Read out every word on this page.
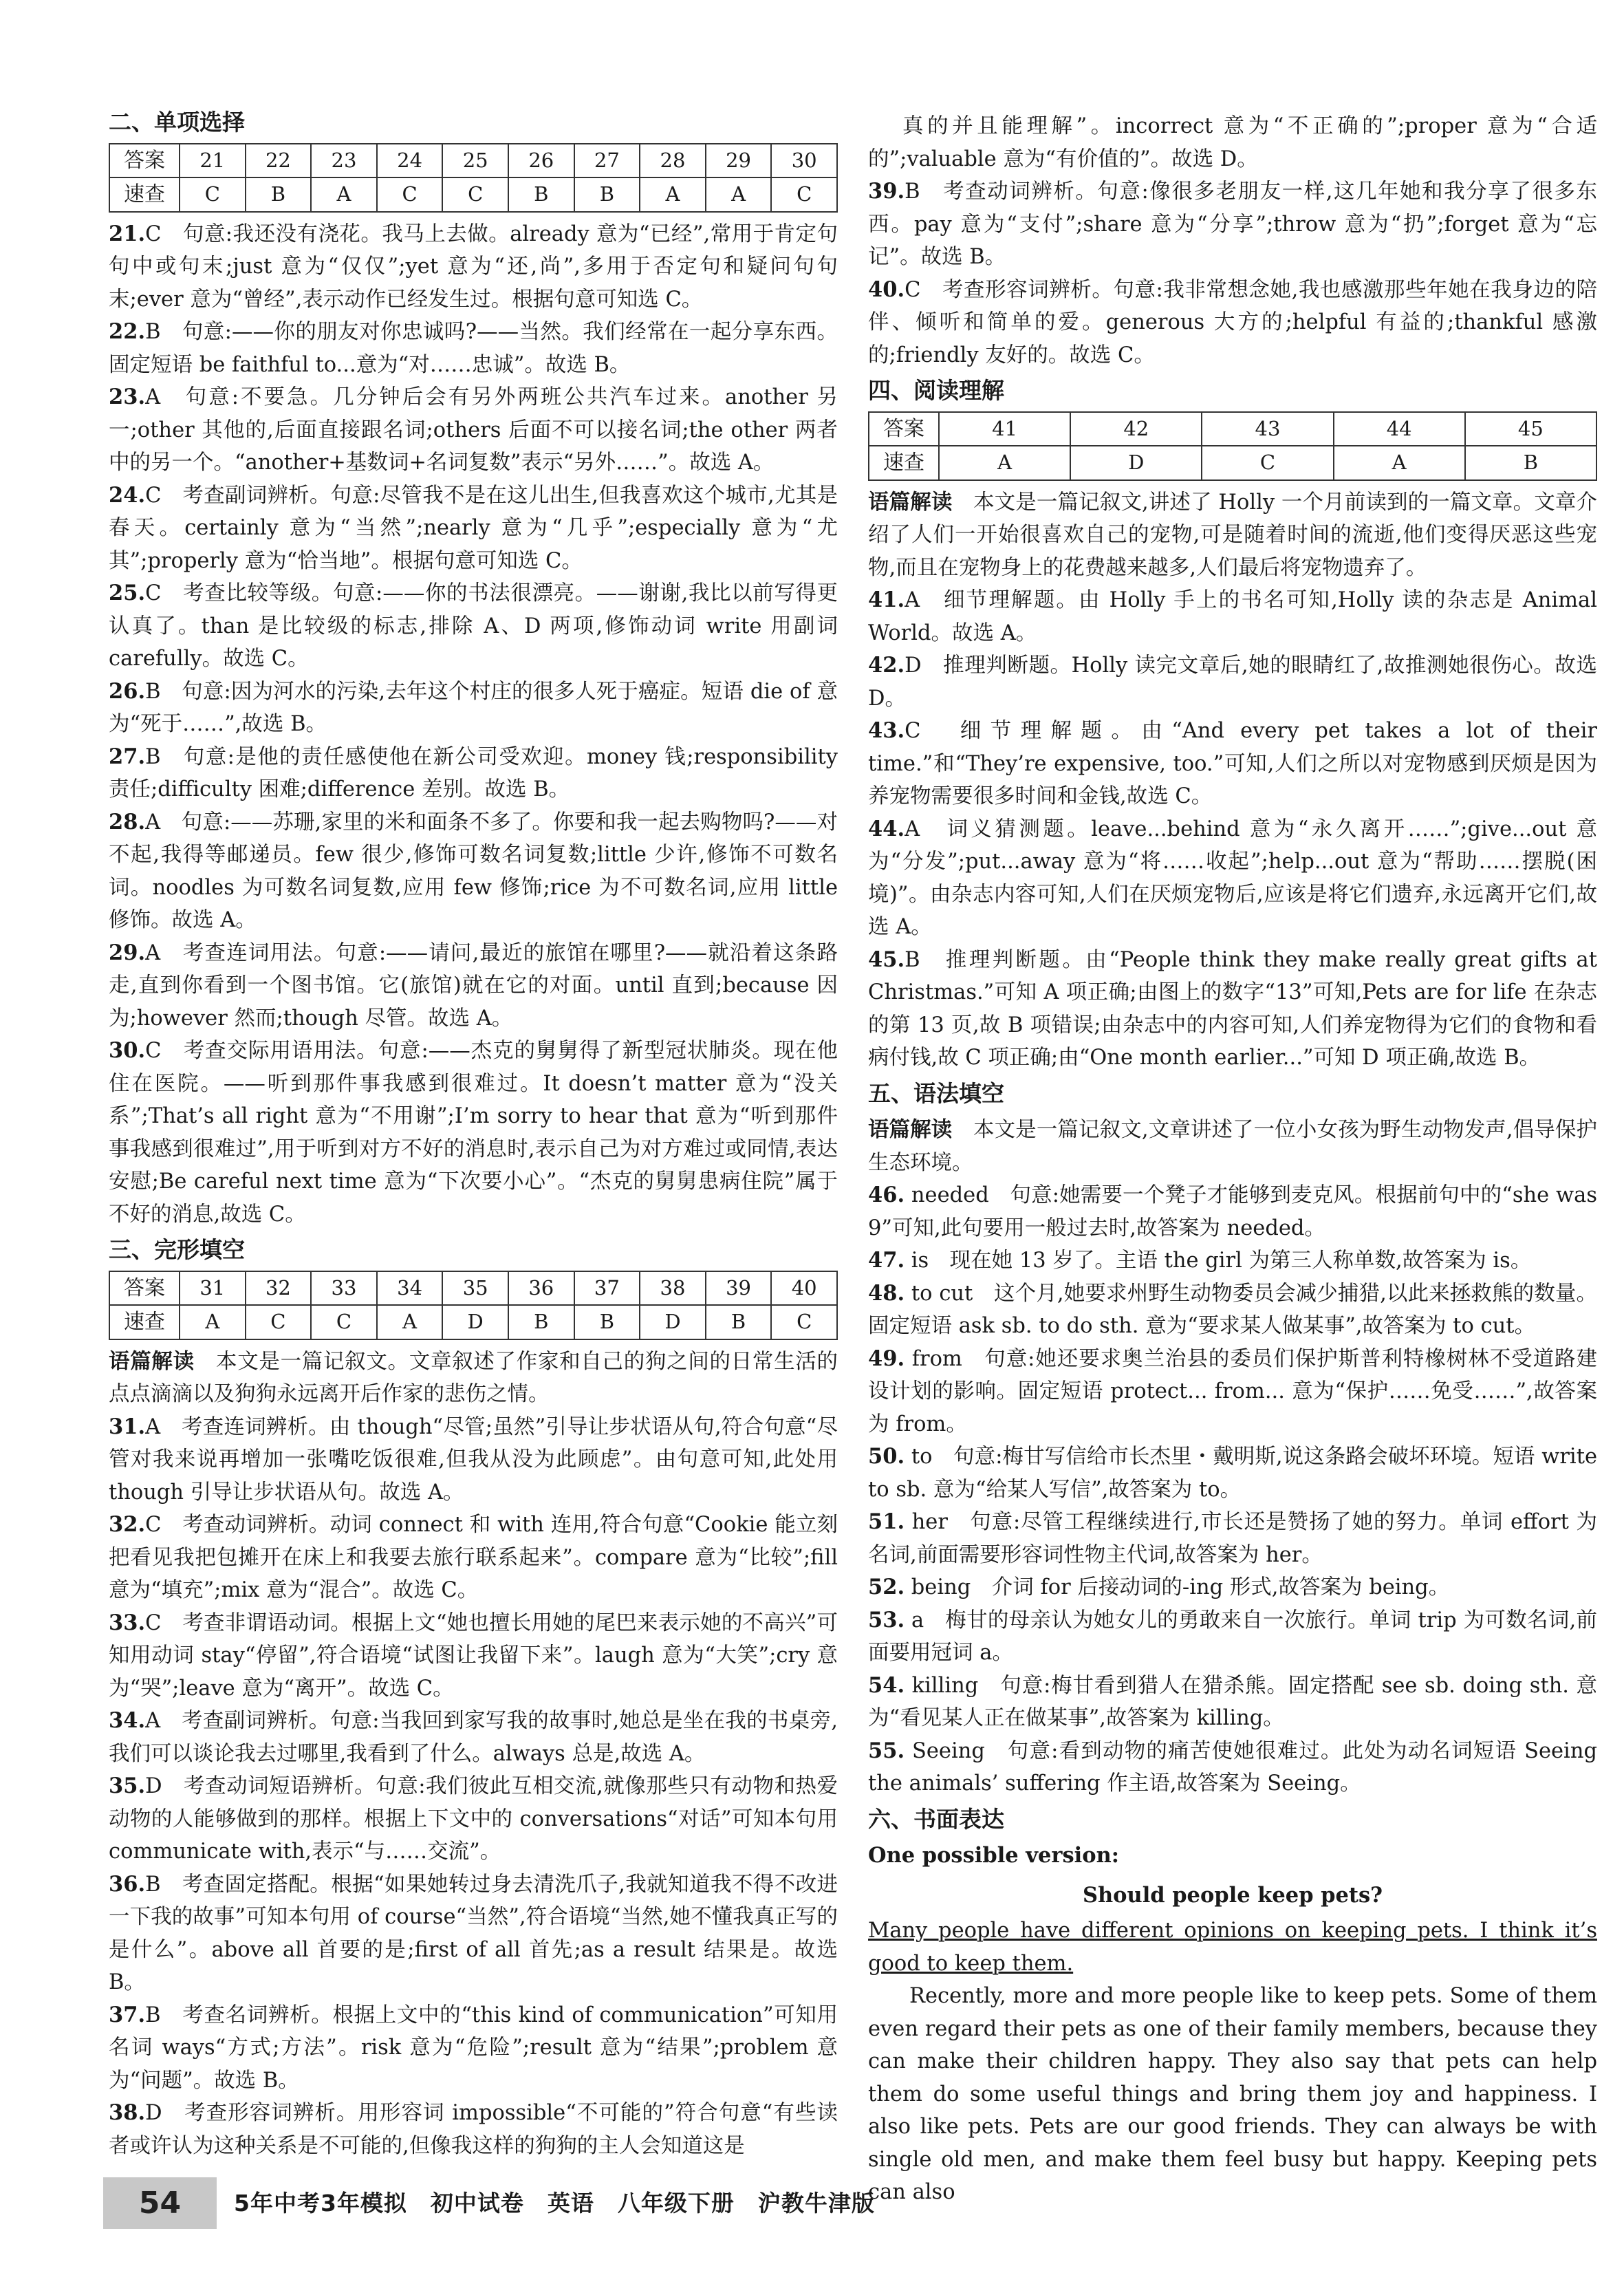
二、单项选择
答案	21	22	23	24	25	26	27	28	29	30
速查	C	B	A	C	C	B	B	A	A	C

21.C　句意:我还没有浇花。我马上去做。already 意为“已经”,常用于肯定句句中或句末;just 意为“仅仅”;yet 意为“还,尚”,多用于否定句和疑问句句末;ever 意为“曾经”,表示动作已经发生过。根据句意可知选 C。

22.B　句意:——你的朋友对你忠诚吗?——当然。我们经常在一起分享东西。固定短语 be faithful to...意为“对……忠诚”。故选 B。

23.A　句意:不要急。几分钟后会有另外两班公共汽车过来。another 另一;other 其他的,后面直接跟名词;others 后面不可以接名词;the other 两者中的另一个。“another+基数词+名词复数”表示“另外……”。故选 A。

24.C　考查副词辨析。句意:尽管我不是在这儿出生,但我喜欢这个城市,尤其是春天。certainly 意为“当然”;nearly 意为“几乎”;especially 意为“尤其”;properly 意为“恰当地”。根据句意可知选 C。

25.C　考查比较等级。句意:——你的书法很漂亮。——谢谢,我比以前写得更认真了。than 是比较级的标志,排除 A、D 两项,修饰动词 write 用副词 carefully。故选 C。

26.B　句意:因为河水的污染,去年这个村庄的很多人死于癌症。短语 die of 意为“死于……”,故选 B。

27.B　句意:是他的责任感使他在新公司受欢迎。money 钱;responsibility 责任;difficulty 困难;difference 差别。故选 B。

28.A　句意:——苏珊,家里的米和面条不多了。你要和我一起去购物吗?——对不起,我得等邮递员。few 很少,修饰可数名词复数;little 少许,修饰不可数名词。noodles 为可数名词复数,应用 few 修饰;rice 为不可数名词,应用 little 修饰。故选 A。

29.A　考查连词用法。句意:——请问,最近的旅馆在哪里?——就沿着这条路走,直到你看到一个图书馆。它(旅馆)就在它的对面。until 直到;because 因为;however 然而;though 尽管。故选 A。

30.C　考查交际用语用法。句意:——杰克的舅舅得了新型冠状肺炎。现在他住在医院。——听到那件事我感到很难过。It doesn’t matter 意为“没关系”;That’s all right 意为“不用谢”;I’m sorry to hear that 意为“听到那件事我感到很难过”,用于听到对方不好的消息时,表示自己为对方难过或同情,表达安慰;Be careful next time 意为“下次要小心”。“杰克的舅舅患病住院”属于不好的消息,故选 C。

三、完形填空
答案	31	32	33	34	35	36	37	38	39	40
速查	A	C	C	A	D	B	B	D	B	C

语篇解读　本文是一篇记叙文。文章叙述了作家和自己的狗之间的日常生活的点点滴滴以及狗狗永远离开后作家的悲伤之情。

31.A　考查连词辨析。由 though“尽管;虽然”引导让步状语从句,符合句意“尽管对我来说再增加一张嘴吃饭很难,但我从没为此顾虑”。由句意可知,此处用 though 引导让步状语从句。故选 A。

32.C　考查动词辨析。动词 connect 和 with 连用,符合句意“Cookie 能立刻把看见我把包摊开在床上和我要去旅行联系起来”。compare 意为“比较”;fill 意为“填充”;mix 意为“混合”。故选 C。

33.C　考查非谓语动词。根据上文“她也擅长用她的尾巴来表示她的不高兴”可知用动词 stay“停留”,符合语境“试图让我留下来”。laugh 意为“大笑”;cry 意为“哭”;leave 意为“离开”。故选 C。

34.A　考查副词辨析。句意:当我回到家写我的故事时,她总是坐在我的书桌旁,我们可以谈论我去过哪里,我看到了什么。always 总是,故选 A。

35.D　考查动词短语辨析。句意:我们彼此互相交流,就像那些只有动物和热爱动物的人能够做到的那样。根据上下文中的 conversations“对话”可知本句用 communicate with,表示“与……交流”。

36.B　考查固定搭配。根据“如果她转过身去清洗爪子,我就知道我不得不改进一下我的故事”可知本句用 of course“当然”,符合语境“当然,她不懂我真正写的是什么”。above all 首要的是;first of all 首先;as a result 结果是。故选 B。

37.B　考查名词辨析。根据上文中的“this kind of communication”可知用名词 ways“方式;方法”。risk 意为“危险”;result 意为“结果”;problem 意为“问题”。故选 B。

38.D　考查形容词辨析。用形容词 impossible“不可能的”符合句意“有些读者或许认为这种关系是不可能的,但像我这样的狗狗的主人会知道这是

真的并且能理解”。incorrect 意为“不正确的”;proper 意为“合适的”;valuable 意为“有价值的”。故选 D。

39.B　考查动词辨析。句意:像很多老朋友一样,这几年她和我分享了很多东西。pay 意为“支付”;share 意为“分享”;throw 意为“扔”;forget 意为“忘记”。故选 B。

40.C　考查形容词辨析。句意:我非常想念她,我也感激那些年她在我身边的陪伴、倾听和简单的爱。generous 大方的;helpful 有益的;thankful 感激的;friendly 友好的。故选 C。

四、阅读理解
答案	41	42	43	44	45
速查	A	D	C	A	B

语篇解读　本文是一篇记叙文,讲述了 Holly 一个月前读到的一篇文章。文章介绍了人们一开始很喜欢自己的宠物,可是随着时间的流逝,他们变得厌恶这些宠物,而且在宠物身上的花费越来越多,人们最后将宠物遗弃了。

41.A　细节理解题。由 Holly 手上的书名可知,Holly 读的杂志是 Animal World。故选 A。

42.D　推理判断题。Holly 读完文章后,她的眼睛红了,故推测她很伤心。故选 D。

43.C　细节理解题。由“And every pet takes a lot of their time.”和“They’re expensive, too.”可知,人们之所以对宠物感到厌烦是因为养宠物需要很多时间和金钱,故选 C。

44.A　词义猜测题。leave...behind 意为“永久离开……”;give...out 意为“分发”;put...away 意为“将……收起”;help...out 意为“帮助……摆脱(困境)”。由杂志内容可知,人们在厌烦宠物后,应该是将它们遗弃,永远离开它们,故选 A。

45.B　推理判断题。由“People think they make really great gifts at Christmas.”可知 A 项正确;由图上的数字“13”可知,Pets are for life 在杂志的第 13 页,故 B 项错误;由杂志中的内容可知,人们养宠物得为它们的食物和看病付钱,故 C 项正确;由“One month earlier...”可知 D 项正确,故选 B。

五、语法填空

语篇解读　本文是一篇记叙文,文章讲述了一位小女孩为野生动物发声,倡导保护生态环境。

46. needed　句意:她需要一个凳子才能够到麦克风。根据前句中的“she was 9”可知,此句要用一般过去时,故答案为 needed。

47. is　现在她 13 岁了。主语 the girl 为第三人称单数,故答案为 is。

48. to cut　这个月,她要求州野生动物委员会减少捕猎,以此来拯救熊的数量。固定短语 ask sb. to do sth. 意为“要求某人做某事”,故答案为 to cut。

49. from　句意:她还要求奥兰治县的委员们保护斯普利特橡树林不受道路建设计划的影响。固定短语 protect... from... 意为“保护……免受……”,故答案为 from。

50. to　句意:梅甘写信给市长杰里・戴明斯,说这条路会破坏环境。短语 write to sb. 意为“给某人写信”,故答案为 to。

51. her　句意:尽管工程继续进行,市长还是赞扬了她的努力。单词 effort 为名词,前面需要形容词性物主代词,故答案为 her。

52. being　介词 for 后接动词的-ing 形式,故答案为 being。

53. a　梅甘的母亲认为她女儿的勇敢来自一次旅行。单词 trip 为可数名词,前面要用冠词 a。

54. killing　句意:梅甘看到猎人在猎杀熊。固定搭配 see sb. doing sth. 意为“看见某人正在做某事”,故答案为 killing。

55. Seeing　句意:看到动物的痛苦使她很难过。此处为动名词短语 Seeing the animals’ suffering 作主语,故答案为 Seeing。

六、书面表达

One possible version:

Should people keep pets?

Many people have different opinions on keeping pets. I think it’s good to keep them.

Recently, more and more people like to keep pets. Some of them even regard their pets as one of their family members, because they can make their children happy. They also say that pets can help them do some useful things and bring them joy and happiness. I also like pets. Pets are our good friends. They can always be with single old men, and make them feel busy but happy. Keeping pets can also

54	5年中考3年模拟　初中试卷　英语　八年级下册　沪教牛津版
